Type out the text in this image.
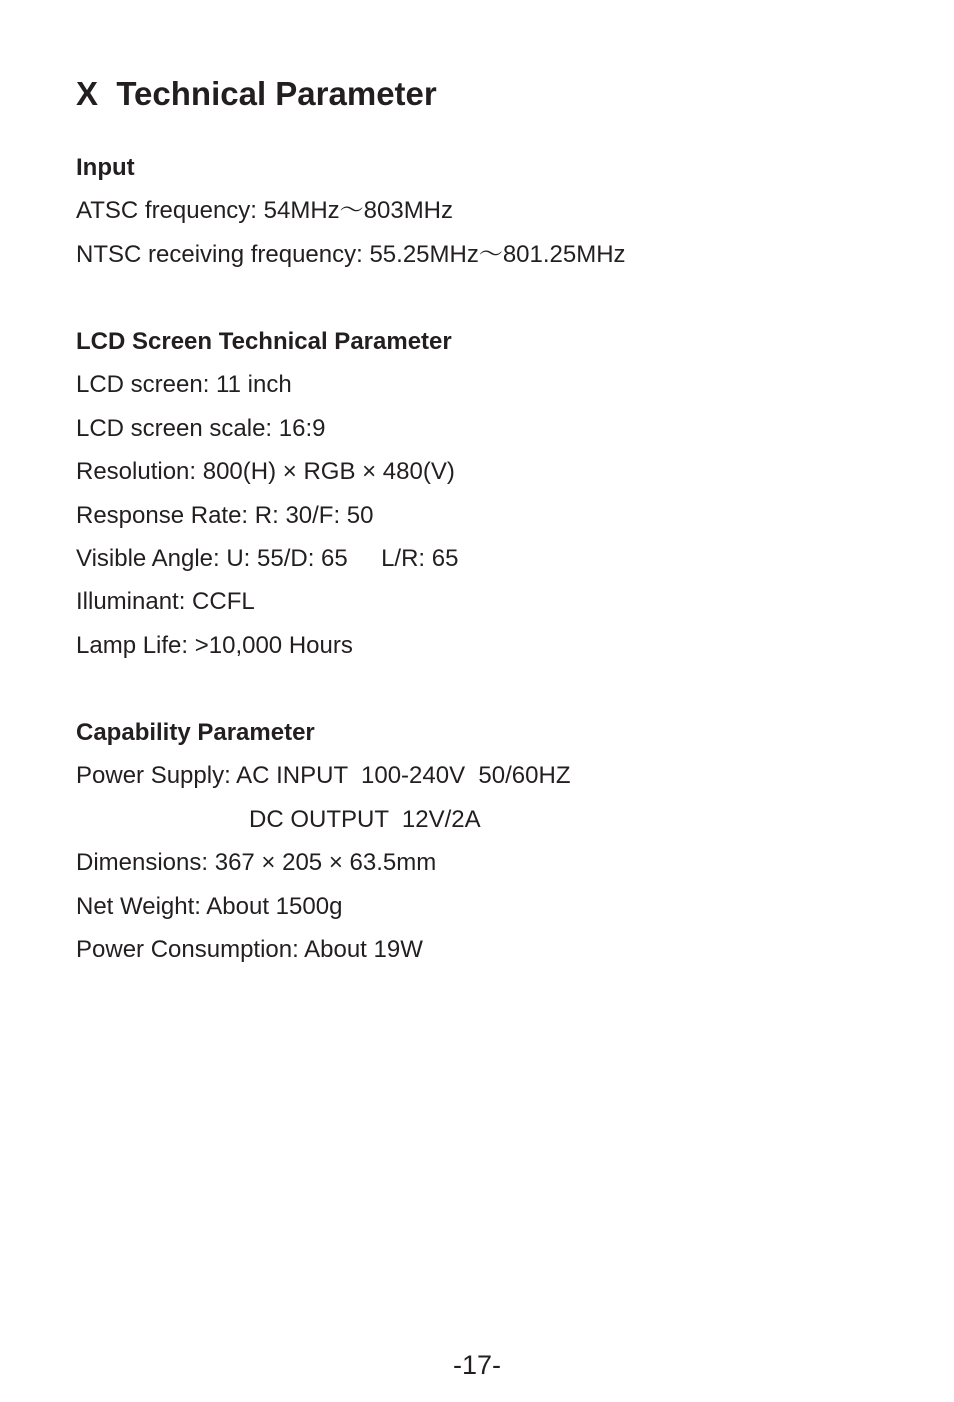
X  Technical Parameter

Input

ATSC frequency: 54MHz～803MHz

NTSC receiving frequency: 55.25MHz～801.25MHz

LCD Screen Technical Parameter

LCD screen: 11 inch

LCD screen scale: 16:9

Resolution: 800(H) × RGB × 480(V)

Response Rate: R: 30/F: 50

Visible Angle: U: 55/D: 65     L/R: 65

Illuminant: CCFL

Lamp Life: >10,000 Hours

Capability Parameter

Power Supply: AC INPUT  100-240V  50/60HZ

DC OUTPUT  12V/2A

Dimensions: 367 × 205 × 63.5mm

Net Weight: About 1500g

Power Consumption: About 19W

-17-
